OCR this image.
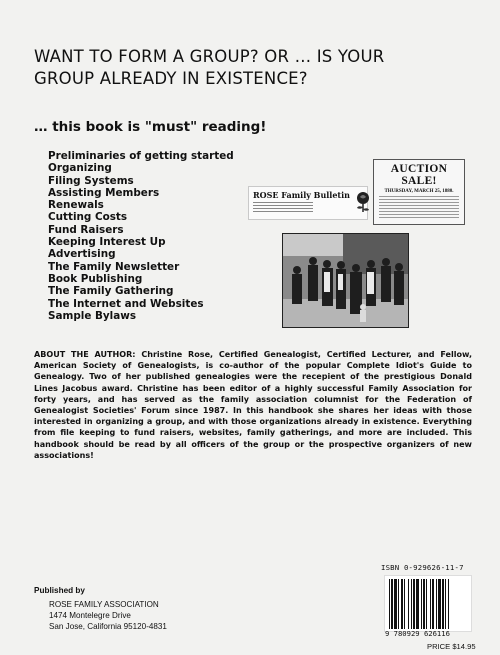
WANT TO FORM A GROUP? OR … IS YOUR
GROUP ALREADY IN EXISTENCE?

… this book is "must" reading!

Preliminaries of getting started
Organizing
Filing Systems
Assisting Members
Renewals
Cutting Costs
Fund Raisers
Keeping Interest Up
Advertising
The Family Newsletter
Book Publishing
The Family Gathering
The Internet and Websites
Sample Bylaws
ROSE Family Bulletin
AUCTION SALE!
THURSDAY, MARCH 25, 1880.

ABOUT THE AUTHOR: Christine Rose, Certified Genealogist, Certified Lecturer, and Fellow, American Society of Genealogists, is co-author of the popular Complete Idiot's Guide to Genealogy. Two of her published genealogies were the recepient of the prestigious Donald Lines Jacobus award. Christine has been editor of a highly successful Family Association for forty years, and has served as the family association columnist for the Federation of Genealogist Societies' Forum since 1987. In this handbook she shares her ideas with those interested in organizing a group, and with those organizations already in existence. Everything from file keeping to fund raisers, websites, family gatherings, and more are included. This handbook should be read by all officers of the group or the prospective organizers of new associations!

Published by

ROSE FAMILY ASSOCIATION
1474 Montelegre Drive
San Jose, California 95120-4831
ISBN 0-929626-11-7
9 780929 626116
PRICE $14.95
